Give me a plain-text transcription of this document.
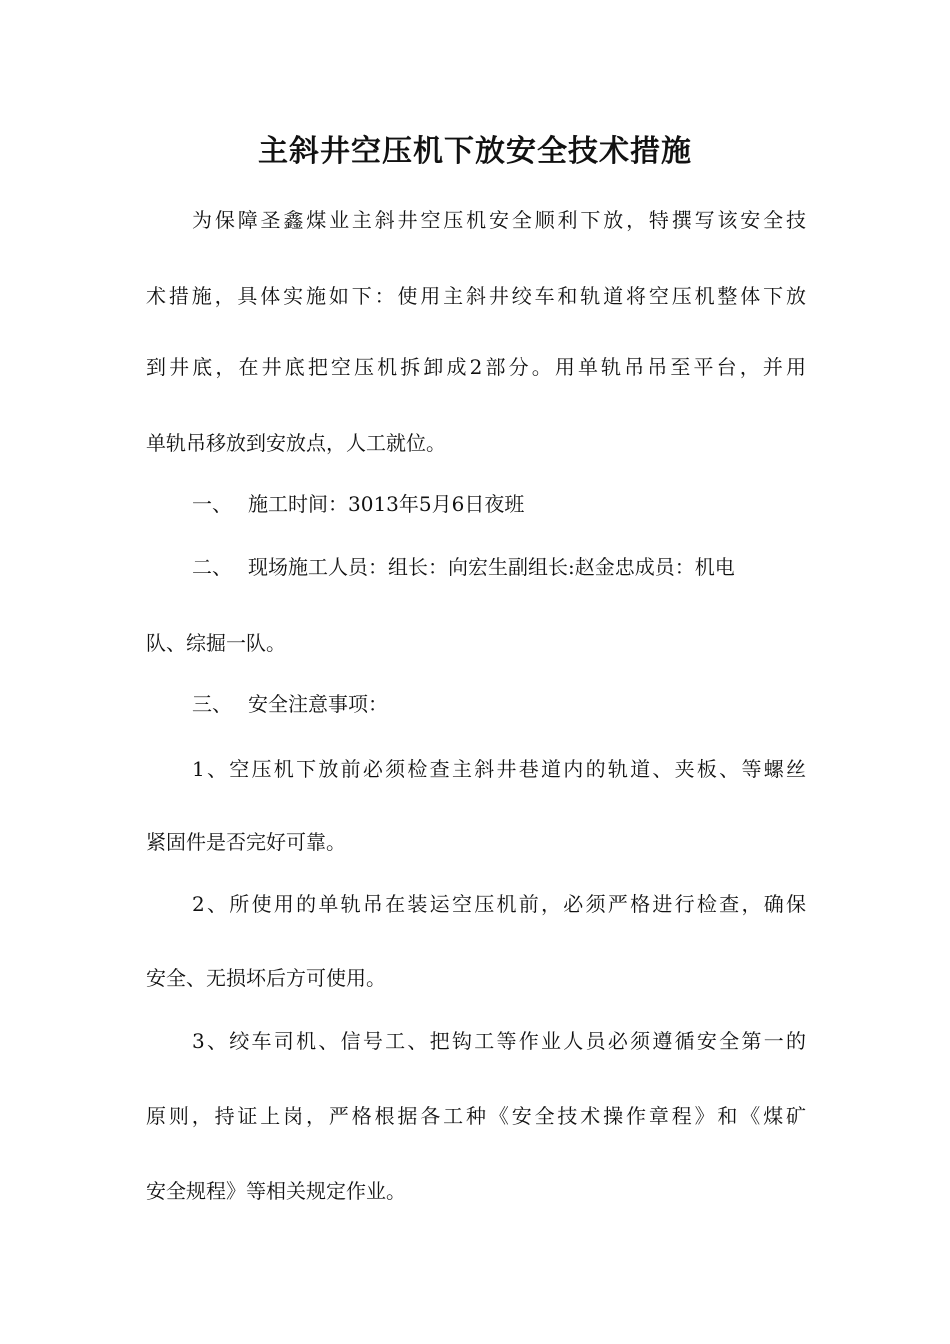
主斜井空压机下放安全技术措施

为保障圣鑫煤业主斜井空压机安全顺利下放，特撰写该安全技

术措施，具体实施如下：使用主斜井绞车和轨道将空压机整体下放

到井底，在井底把空压机拆卸成2部分。用单轨吊吊至平台，并用

单轨吊移放到安放点，人工就位。

一、 施工时间：3013年5月6日夜班

二、 现场施工人员：组长：向宏生副组长:赵金忠成员：机电

队、综掘一队。

三、 安全注意事项：

1、空压机下放前必须检查主斜井巷道内的轨道、夹板、等螺丝

紧固件是否完好可靠。

2、所使用的单轨吊在装运空压机前，必须严格进行检查，确保

安全、无损坏后方可使用。

3、绞车司机、信号工、把钩工等作业人员必须遵循安全第一的

原则，持证上岗，严格根据各工种《安全技术操作章程》和《煤矿

安全规程》等相关规定作业。
